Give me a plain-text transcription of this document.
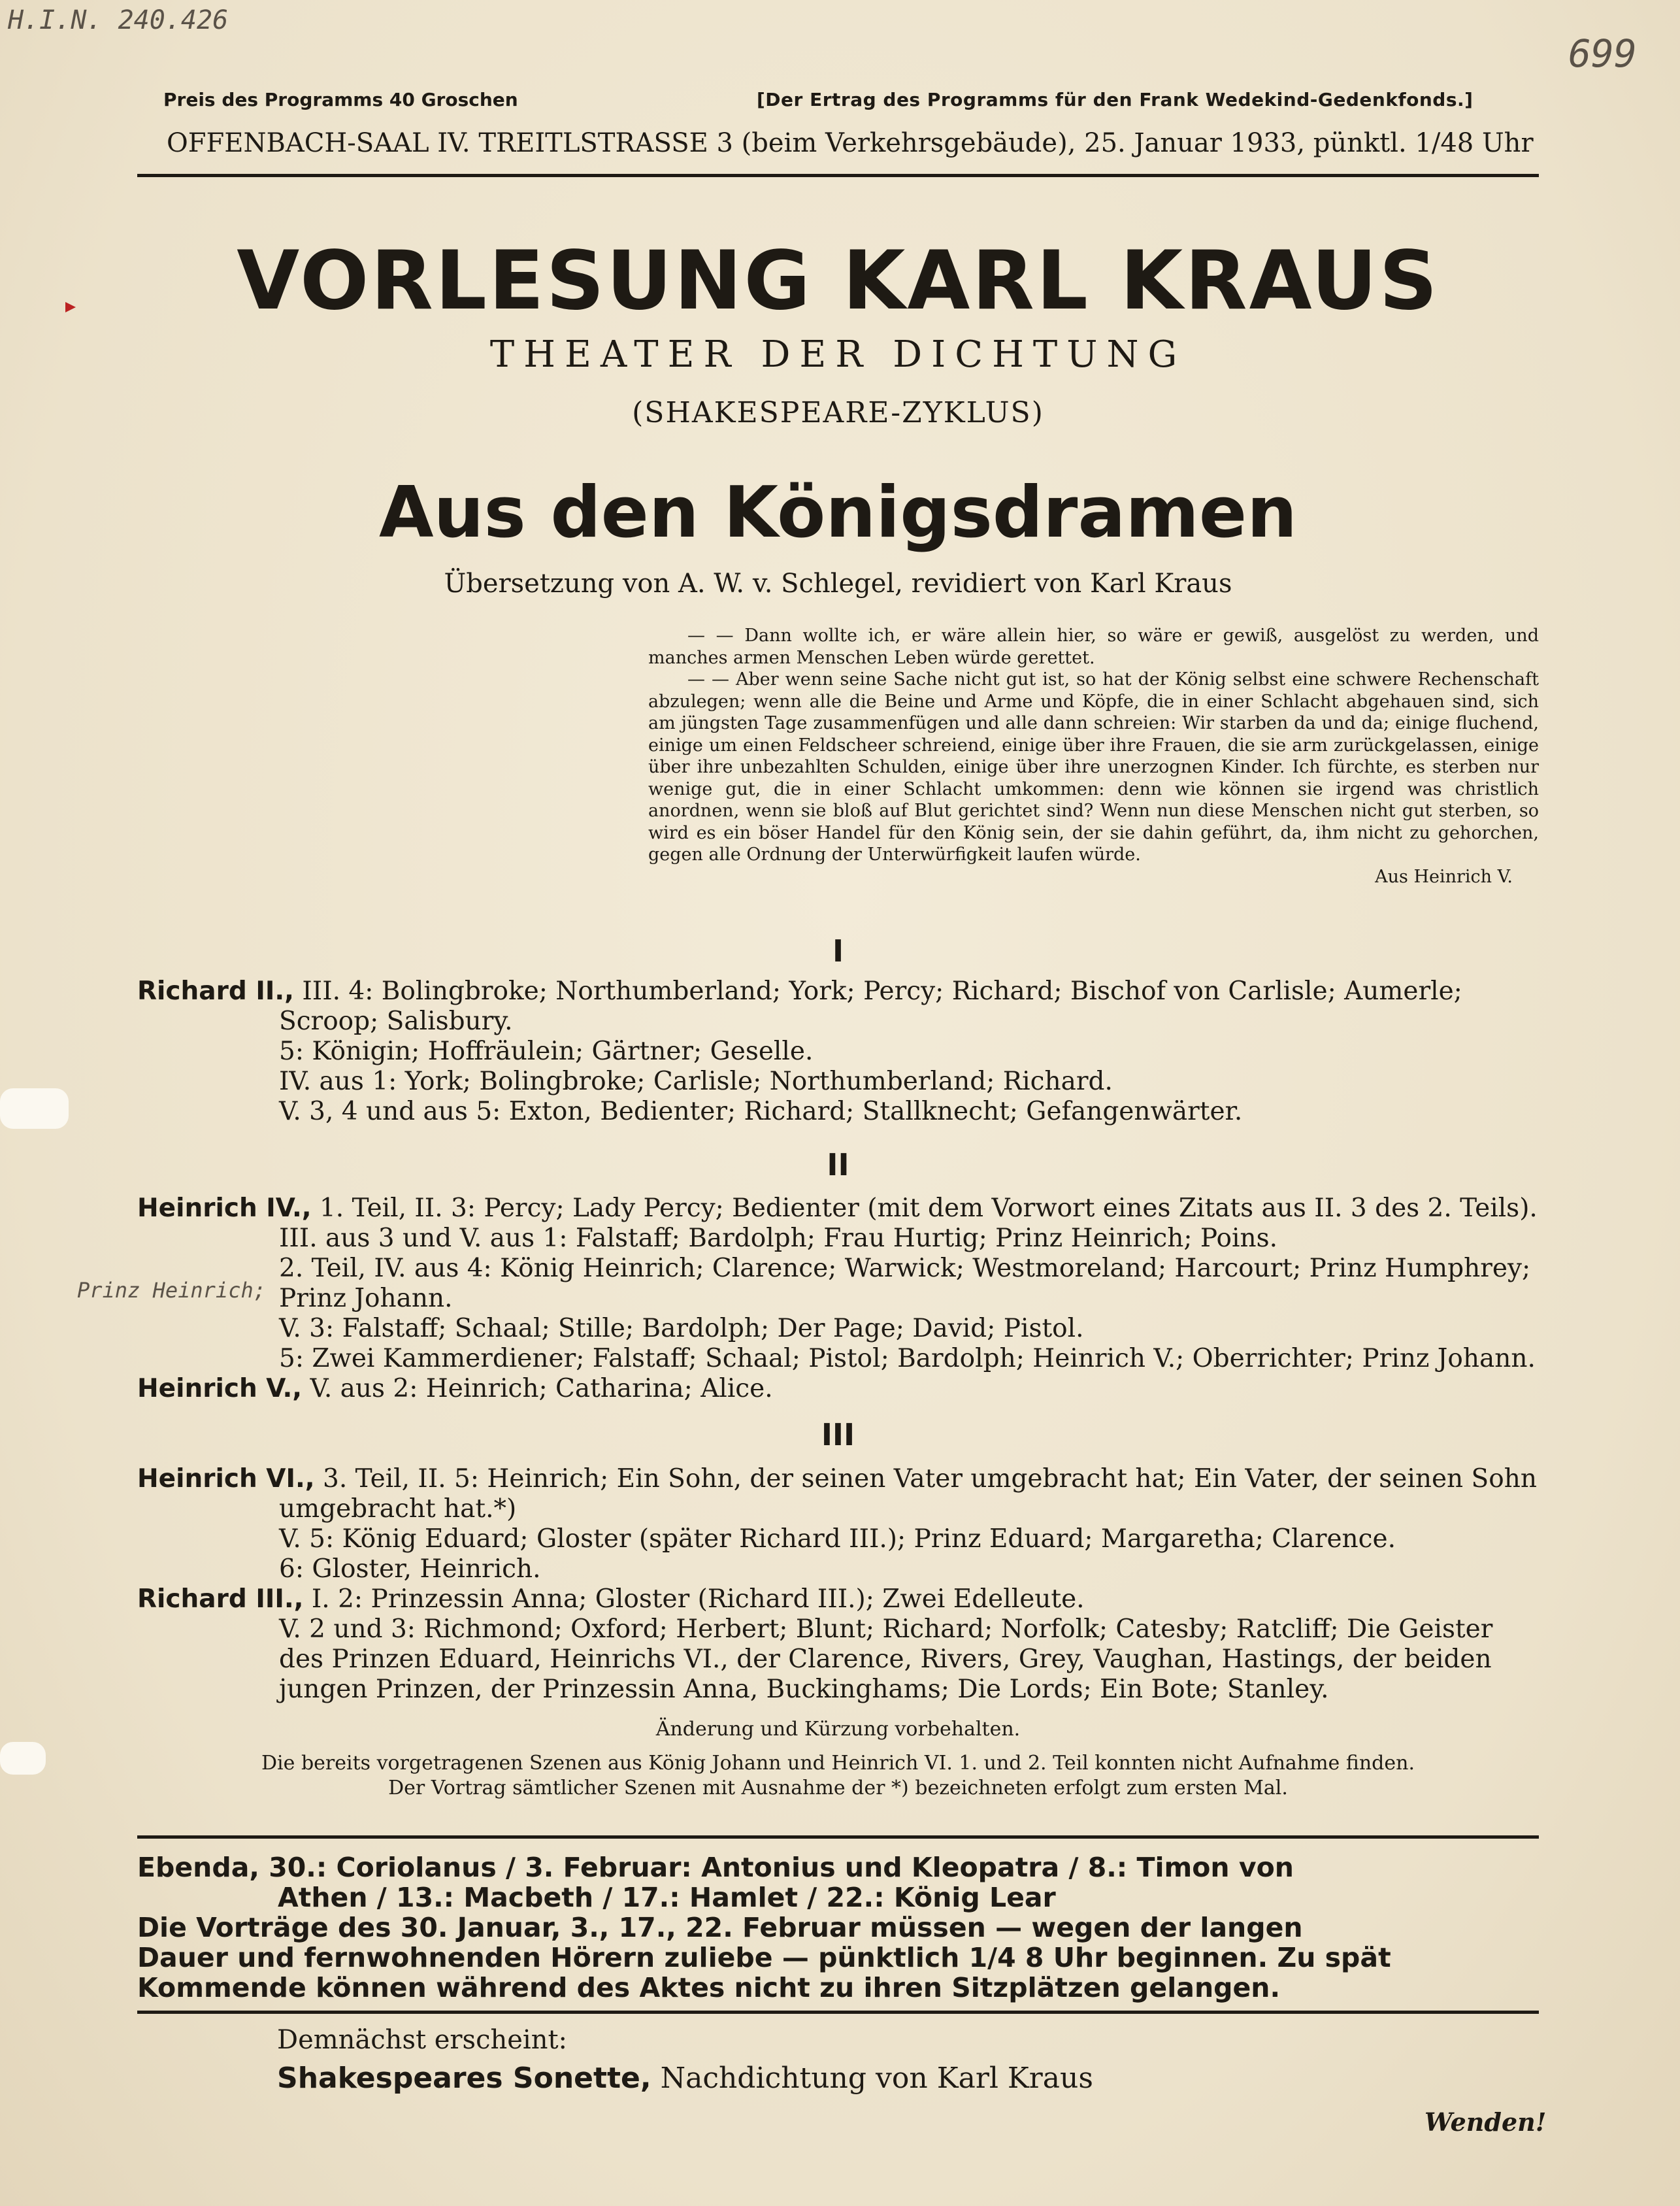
H.I.N. 240.426
699
Prinz Heinrich;
Preis des Programms 40 Groschen	[Der Ertrag des Programms für den Frank Wedekind-Gedenkfonds.]
OFFENBACH-SAAL IV. TREITLSTRASSE 3 (beim Verkehrsgebäude), 25. Januar 1933, pünktl. 1/48 Uhr
VORLESUNG KARL KRAUS
THEATER DER DICHTUNG
(SHAKESPEARE-ZYKLUS)
Aus den Königsdramen
Übersetzung von A. W. v. Schlegel, revidiert von Karl Kraus

— — Dann wollte ich, er wäre allein hier, so wäre er gewiß, ausgelöst zu werden, und manches armen Menschen Leben würde gerettet.

— — Aber wenn seine Sache nicht gut ist, so hat der König selbst eine schwere Rechenschaft abzulegen; wenn alle die Beine und Arme und Köpfe, die in einer Schlacht abgehauen sind, sich am jüngsten Tage zusammenfügen und alle dann schreien: Wir starben da und da; einige fluchend, einige um einen Feldscheer schreiend, einige über ihre Frauen, die sie arm zurückgelassen, einige über ihre unbezahlten Schulden, einige über ihre unerzognen Kinder. Ich fürchte, es sterben nur wenige gut, die in einer Schlacht umkommen: denn wie können sie irgend was christlich anordnen, wenn sie bloß auf Blut gerichtet sind? Wenn nun diese Menschen nicht gut sterben, so wird es ein böser Handel für den König sein, der sie dahin geführt, da, ihm nicht zu gehorchen, gegen alle Ordnung der Unterwürfigkeit laufen würde.

Aus Heinrich V.

I
Richard II., III. 4: Bolingbroke; Northumberland; York; Percy; Richard; Bischof von Carlisle; Aumerle;
Scroop; Salisbury.
5: Königin; Hoffräulein; Gärtner; Geselle.
IV. aus 1: York; Bolingbroke; Carlisle; Northumberland; Richard.
V. 3, 4 und aus 5: Exton, Bedienter; Richard; Stallknecht; Gefangenwärter.
II
Heinrich IV., 1. Teil, II. 3: Percy; Lady Percy; Bedienter (mit dem Vorwort eines Zitats aus II. 3 des 2. Teils).
III. aus 3 und V. aus 1: Falstaff; Bardolph; Frau Hurtig; Prinz Heinrich; Poins.
2. Teil, IV. aus 4: König Heinrich; Clarence; Warwick; Westmoreland; Harcourt; Prinz Humphrey;
Prinz Johann.
V. 3: Falstaff; Schaal; Stille; Bardolph; Der Page; David; Pistol.
5: Zwei Kammerdiener; Falstaff; Schaal; Pistol; Bardolph; Heinrich V.; Oberrichter; Prinz Johann.
Heinrich V., V. aus 2: Heinrich; Catharina; Alice.
III
Heinrich VI., 3. Teil, II. 5: Heinrich; Ein Sohn, der seinen Vater umgebracht hat; Ein Vater, der seinen Sohn
umgebracht hat.*)
V. 5: König Eduard; Gloster (später Richard III.); Prinz Eduard; Margaretha; Clarence.
6: Gloster, Heinrich.
Richard III., I. 2: Prinzessin Anna; Gloster (Richard III.); Zwei Edelleute.
V. 2 und 3: Richmond; Oxford; Herbert; Blunt; Richard; Norfolk; Catesby; Ratcliff; Die Geister
des Prinzen Eduard, Heinrichs VI., der Clarence, Rivers, Grey, Vaughan, Hastings, der beiden
jungen Prinzen, der Prinzessin Anna, Buckinghams; Die Lords; Ein Bote; Stanley.
Änderung und Kürzung vorbehalten.
Die bereits vorgetragenen Szenen aus König Johann und Heinrich VI. 1. und 2. Teil konnten nicht Aufnahme finden.
Der Vortrag sämtlicher Szenen mit Ausnahme der *) bezeichneten erfolgt zum ersten Mal.
Ebenda, 30.: Coriolanus / 3. Februar: Antonius und Kleopatra / 8.: Timon von
Athen / 13.: Macbeth / 17.: Hamlet / 22.: König Lear
Die Vorträge des 30. Januar, 3., 17., 22. Februar müssen — wegen der langen
Dauer und fernwohnenden Hörern zuliebe — pünktlich 1/4 8 Uhr beginnen. Zu spät
Kommende können während des Aktes nicht zu ihren Sitzplätzen gelangen.
Demnächst erscheint:
Shakespeares Sonette, Nachdichtung von Karl Kraus
Wenden!
